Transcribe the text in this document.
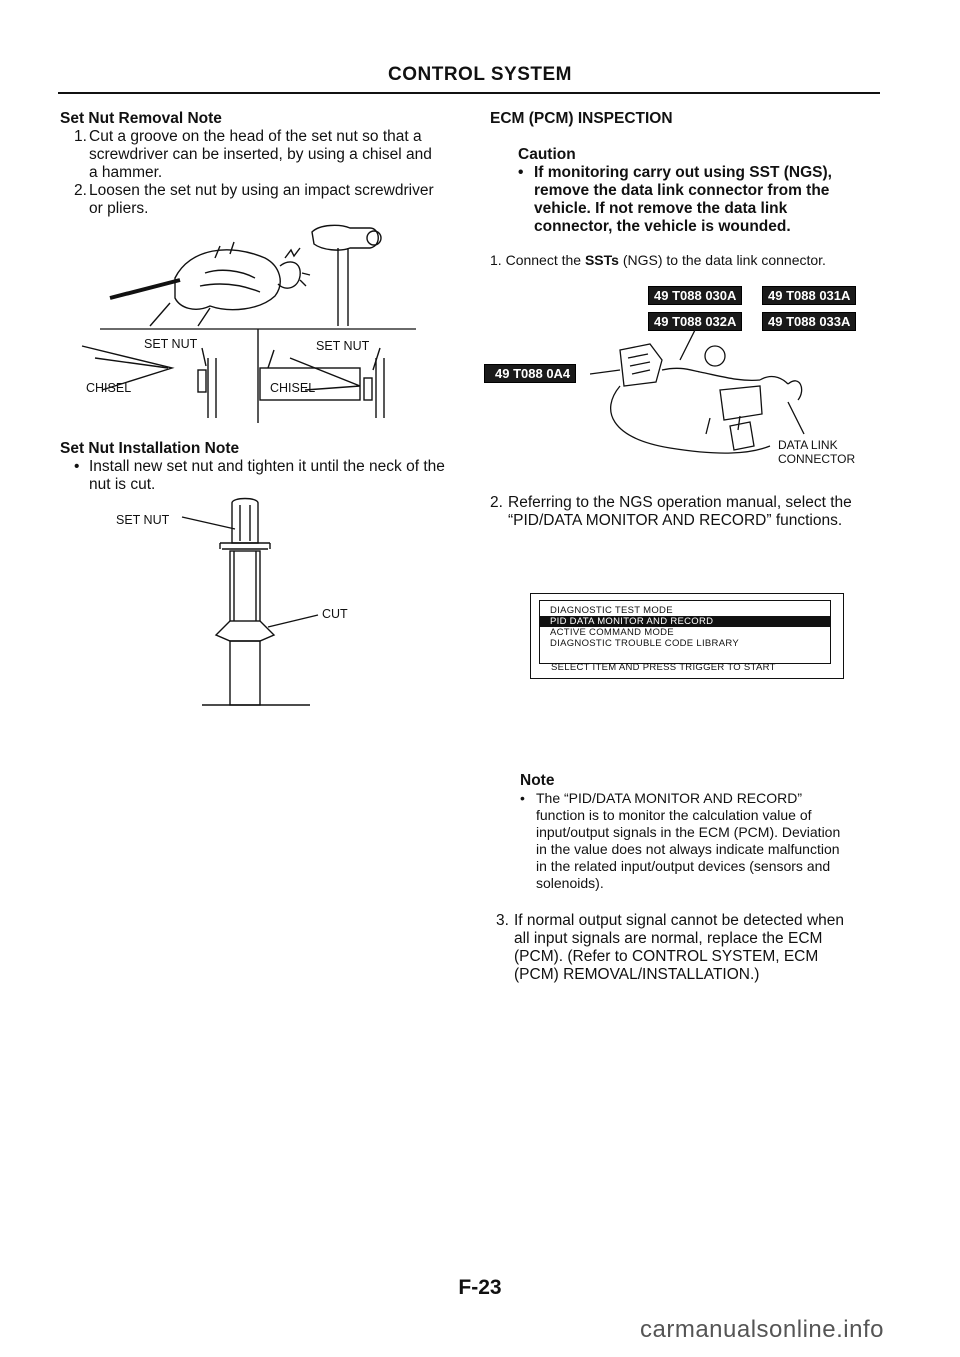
CONTROL SYSTEM
Set Nut Removal Note
1. Cut a groove on the head of the set nut so that a
screwdriver can be inserted, by using a chisel and
a hammer.
2. Loosen the set nut by using an impact screwdriver
or pliers.
SET NUT	SET NUT
CHISEL	CHISEL
Set Nut Installation Note
• Install new set nut and tighten it until the neck of the
nut is cut.
SET NUT
CUT
ECM (PCM) INSPECTION
Caution
• If monitoring carry out using SST (NGS),
remove the data link connector from the
vehicle. If not remove the data link
connector, the vehicle is wounded.
1. Connect the SSTs (NGS) to the data link connector.
49 T088 030A	49 T088 031A
49 T088 032A	49 T088 033A
49 T088 0A4
DATA LINK
CONNECTOR
2. Referring to the NGS operation manual, select the
“PID/DATA MONITOR AND RECORD” functions.
DIAGNOSTIC TEST MODE
PID DATA MONITOR AND RECORD
ACTIVE COMMAND MODE
DIAGNOSTIC TROUBLE CODE LIBRARY
SELECT ITEM AND PRESS TRIGGER TO START
Note
• The “PID/DATA MONITOR AND RECORD”
function is to monitor the calculation value of
input/output signals in the ECM (PCM). Deviation
in the value does not always indicate malfunction
in the related input/output devices (sensors and
solenoids).
3. If normal output signal cannot be detected when
all input signals are normal, replace the ECM
(PCM). (Refer to CONTROL SYSTEM, ECM
(PCM) REMOVAL/INSTALLATION.)
F-23
carmanualsonline.info
